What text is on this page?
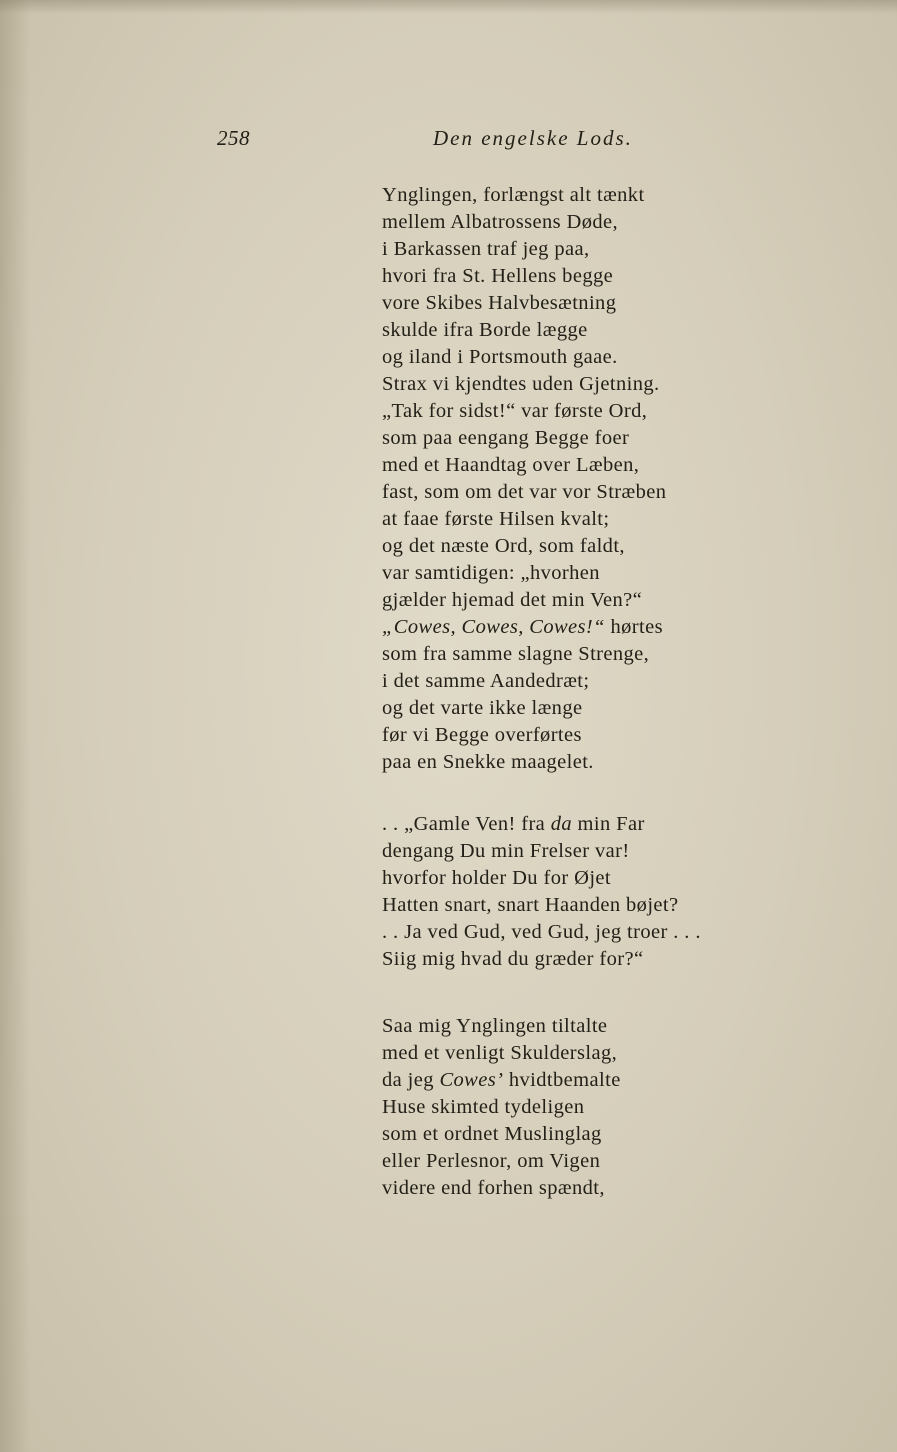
258	Den engelske Lods.
Ynglingen, forlængst alt tænkt
mellem Albatrossens Døde,
i Barkassen traf jeg paa,
hvori fra St. Hellens begge
vore Skibes Halvbesætning
skulde ifra Borde lægge
og iland i Portsmouth gaae.
Strax vi kjendtes uden Gjetning.
„Tak for sidst!“ var første Ord,
som paa eengang Begge foer
med et Haandtag over Læben,
fast, som om det var vor Stræben
at faae første Hilsen kvalt;
og det næste Ord, som faldt,
var samtidigen: „hvorhen
gjælder hjemad det min Ven?“
„Cowes, Cowes, Cowes!“ hørtes
som fra samme slagne Strenge,
i det samme Aandedræt;
og det varte ikke længe
før vi Begge overførtes
paa en Snekke maagelet.
. . „Gamle Ven! fra da min Far
dengang Du min Frelser var!
hvorfor holder Du for Øjet
Hatten snart, snart Haanden bøjet?
. . Ja ved Gud, ved Gud, jeg troer . . .
Siig mig hvad du græder for?“
Saa mig Ynglingen tiltalte
med et venligt Skulderslag,
da jeg Cowes’ hvidtbemalte
Huse skimted tydeligen
som et ordnet Muslinglag
eller Perlesnor, om Vigen
videre end forhen spændt,
